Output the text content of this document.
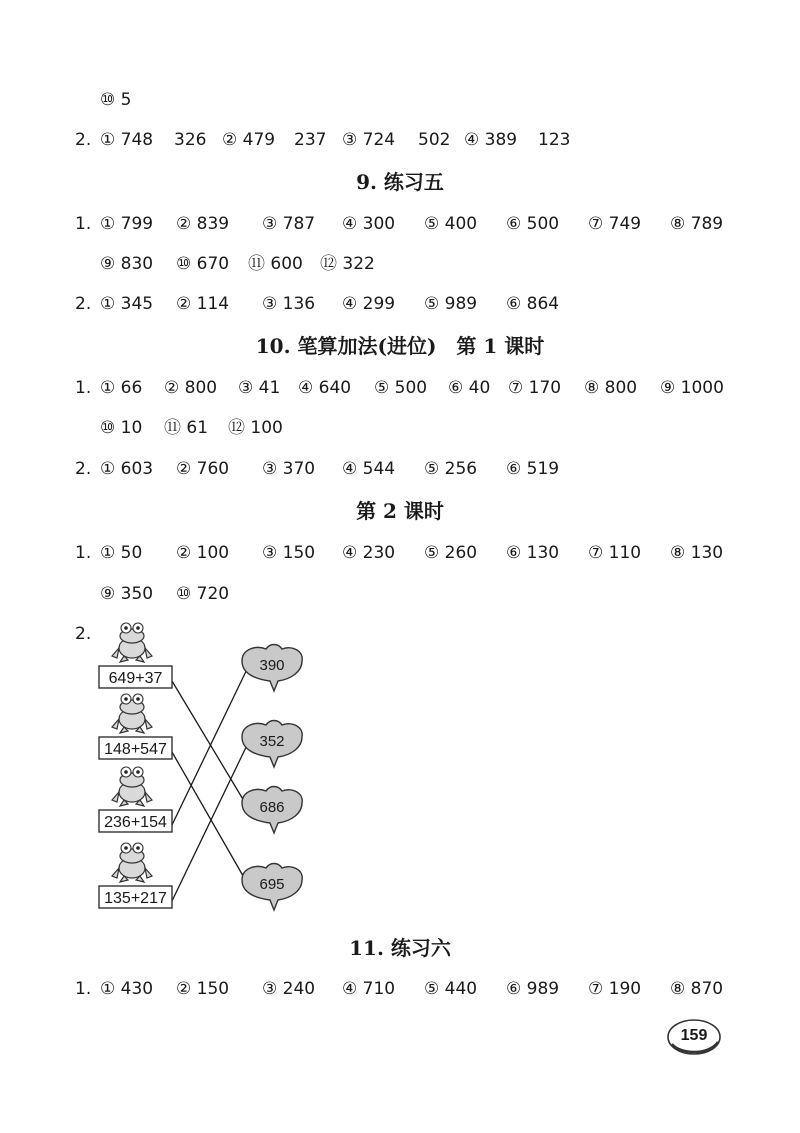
⑩ 5
2. ① 748 326 ② 479 237 ③ 724 502 ④ 389 123
1. ① 799 ② 839 ③ 787 ④ 300 ⑤ 400 ⑥ 500 ⑦ 749 ⑧ 789
⑨ 830 ⑩ 670 ⑪ 600 ⑫ 322
2. ① 345 ② 114 ③ 136 ④ 299 ⑤ 989 ⑥ 864
1. ① 66 ② 800 ③ 41 ④ 640 ⑤ 500 ⑥ 40 ⑦ 170 ⑧ 800 ⑨ 1000
⑩ 10 ⑪ 61 ⑫ 100
2. ① 603 ② 760 ③ 370 ④ 544 ⑤ 256 ⑥ 519
1. ① 50 ② 100 ③ 150 ④ 230 ⑤ 260 ⑥ 130 ⑦ 110 ⑧ 130
⑨ 350 ⑩ 720
2.
1. ① 430 ② 150 ③ 240 ④ 710 ⑤ 440 ⑥ 989 ⑦ 190 ⑧ 870
9. 练习五
10. 笔算加法(进位) 第 1 课时
第 2 课时
11. 练习六
649+37
148+547
236+154
135+217
390
352
686
695
159
